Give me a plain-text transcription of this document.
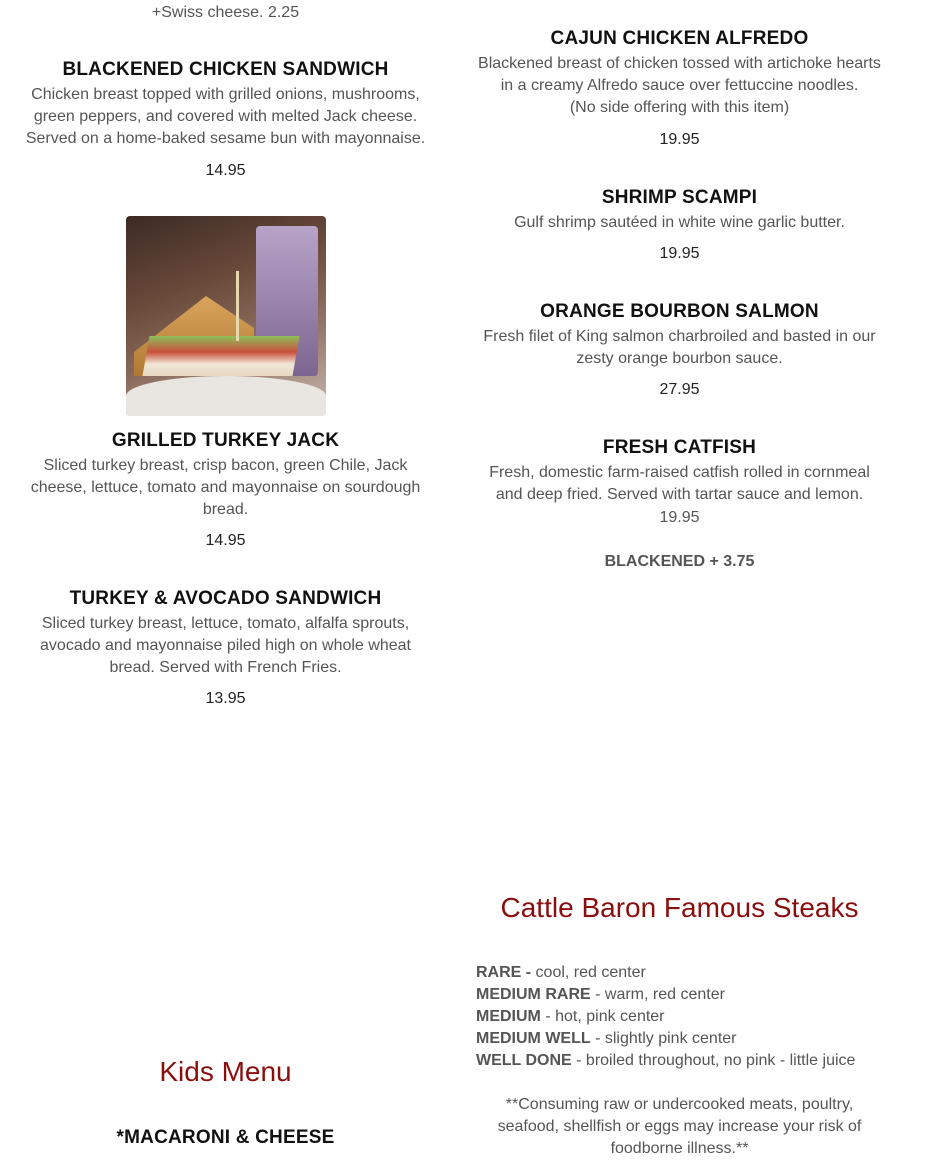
+Swiss cheese. 2.25
BLACKENED CHICKEN SANDWICH
Chicken breast topped with grilled onions, mushrooms,
green peppers, and covered with melted Jack cheese.
Served on a home-baked sesame bun with mayonnaise.
14.95
GRILLED TURKEY JACK
Sliced turkey breast, crisp bacon, green Chile, Jack
cheese, lettuce, tomato and mayonnaise on sourdough
bread.
14.95
TURKEY & AVOCADO SANDWICH
Sliced turkey breast, lettuce, tomato, alfalfa sprouts,
avocado and mayonnaise piled high on whole wheat
bread. Served with French Fries.
13.95
Kids Menu
*MACARONI & CHEESE
CAJUN CHICKEN ALFREDO
Blackened breast of chicken tossed with artichoke hearts
in a creamy Alfredo sauce over fettuccine noodles.
(No side offering with this item)
19.95
SHRIMP SCAMPI
Gulf shrimp sautéed in white wine garlic butter.
19.95
ORANGE BOURBON SALMON
Fresh filet of King salmon charbroiled and basted in our
zesty orange bourbon sauce.
27.95
FRESH CATFISH
Fresh, domestic farm-raised catfish rolled in cornmeal
and deep fried. Served with tartar sauce and lemon.
19.95
BLACKENED + 3.75
Cattle Baron Famous Steaks
RARE - cool, red center
MEDIUM RARE - warm, red center
MEDIUM - hot, pink center
MEDIUM WELL - slightly pink center
WELL DONE - broiled throughout, no pink - little juice
**Consuming raw or undercooked meats, poultry,
seafood, shellfish or eggs may increase your risk of
foodborne illness.**
